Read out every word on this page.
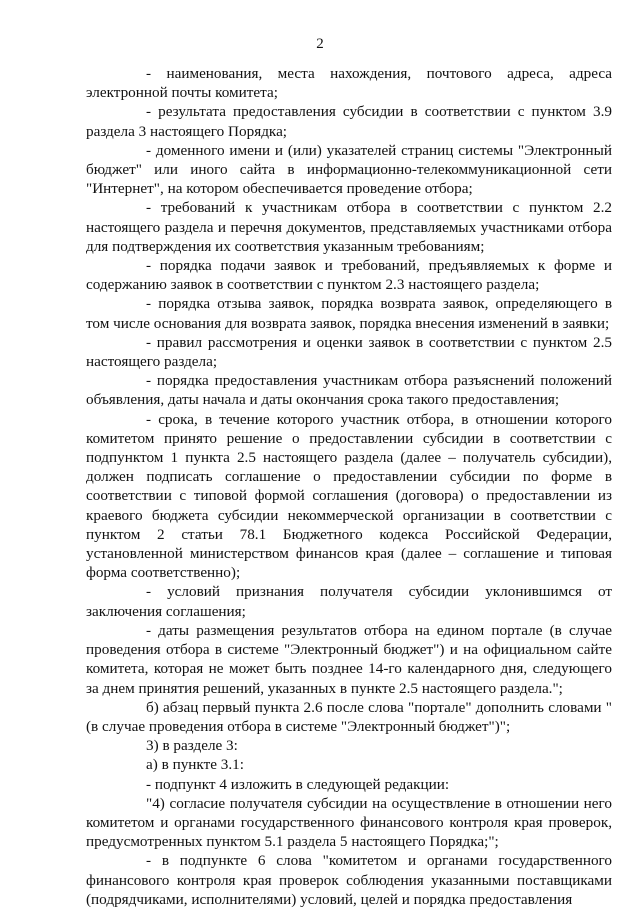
2

- наименования, места нахождения, почтового адреса, адреса электронной почты комитета;

- результата предоставления субсидии в соответствии с пунктом 3.9 раздела 3 настоящего Порядка;

- доменного имени и (или) указателей страниц системы "Электронный бюджет" или иного сайта в информационно-телекоммуникационной сети "Интернет", на котором обеспечивается проведение отбора;

- требований к участникам отбора в соответствии с пунктом 2.2 настоящего раздела и перечня документов, представляемых участниками отбора для подтверждения их соответствия указанным требованиям;

- порядка подачи заявок и требований, предъявляемых к форме и содержанию заявок в соответствии с пунктом 2.3 настоящего раздела;

- порядка отзыва заявок, порядка возврата заявок, определяющего в том числе основания для возврата заявок, порядка внесения изменений в заявки;

- правил рассмотрения и оценки заявок в соответствии с пунктом 2.5 настоящего раздела;

- порядка предоставления участникам отбора разъяснений положений объявления, даты начала и даты окончания срока такого предоставления;

- срока, в течение которого участник отбора, в отношении которого комитетом принято решение о предоставлении субсидии в соответствии с подпунктом 1 пункта 2.5 настоящего раздела (далее – получатель субсидии), должен подписать соглашение о предоставлении субсидии по форме в соответствии с типовой формой соглашения (договора) о предоставлении из краевого бюджета субсидии некоммерческой организации в соответствии с пунктом 2 статьи 78.1 Бюджетного кодекса Российской Федерации, установленной министерством финансов края (далее – соглашение и типовая форма соответственно);

- условий признания получателя субсидии уклонившимся от заключения соглашения;

- даты размещения результатов отбора на едином портале (в случае проведения отбора в системе "Электронный бюджет") и на официальном сайте комитета, которая не может быть позднее 14-го календарного дня, следующего за днем принятия решений, указанных в пункте 2.5 настоящего раздела.";

б) абзац первый пункта 2.6 после слова "портале" дополнить словами "(в случае проведения отбора в системе "Электронный бюджет")";

3) в разделе 3:

а) в пункте 3.1:

- подпункт 4 изложить в следующей редакции:

"4) согласие получателя субсидии на осуществление в отношении него комитетом и органами государственного финансового контроля края проверок, предусмотренных пунктом 5.1 раздела 5 настоящего Порядка;";

- в подпункте 6 слова "комитетом и органами государственного финансового контроля края проверок соблюдения указанными поставщиками (подрядчиками, исполнителями) условий, целей и порядка предоставления
